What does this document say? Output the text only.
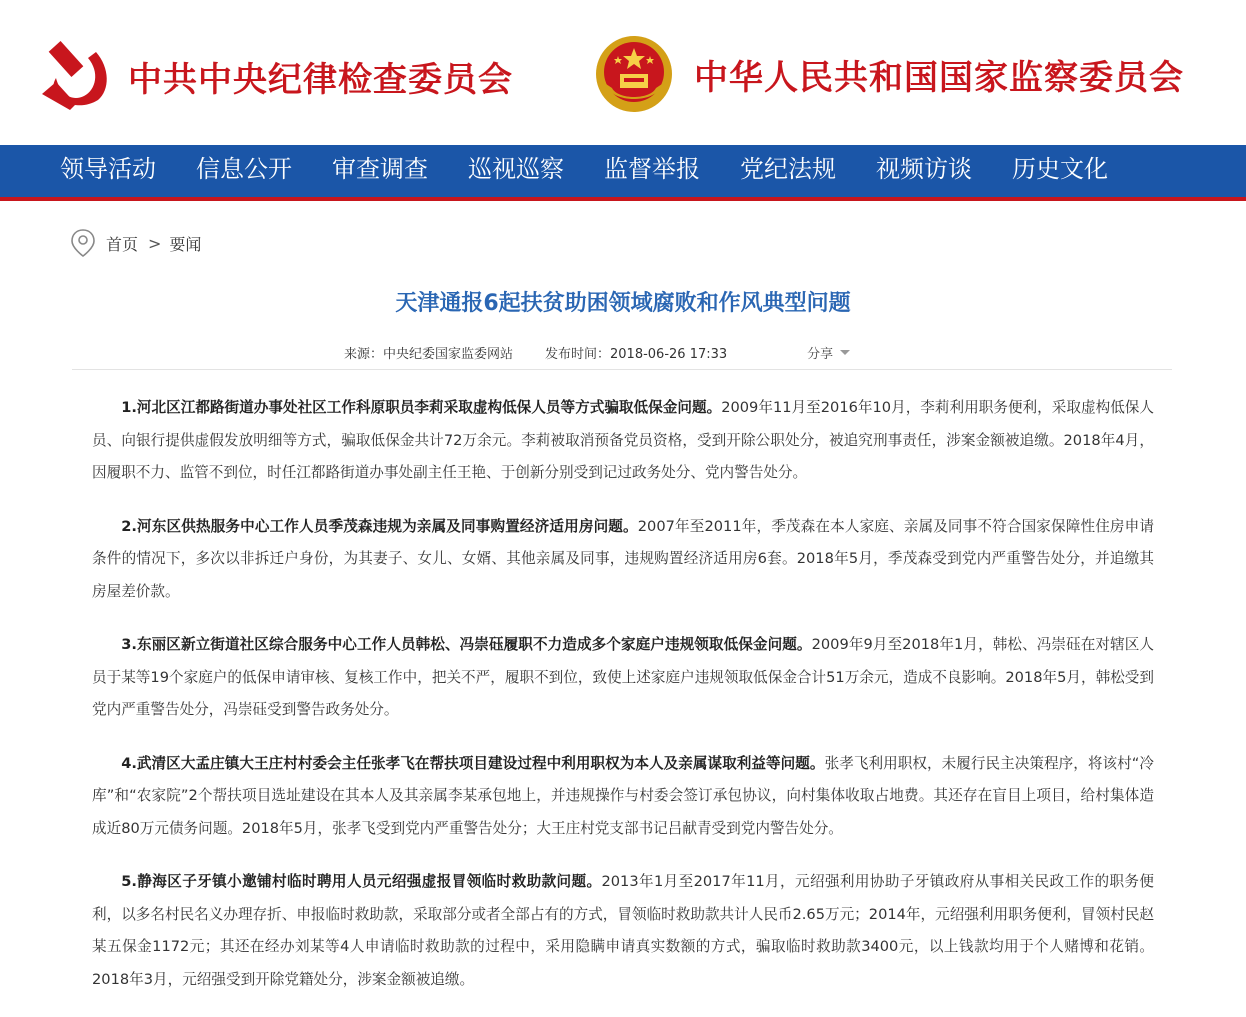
中共中央纪律检查委员会	中华人民共和国国家监察委员会
领导活动 信息公开 审查调查 巡视巡察 监督举报 党纪法规 视频访谈 历史文化
首页 > 要闻
天津通报6起扶贫助困领域腐败和作风典型问题
来源：中央纪委国家监委网站 发布时间：2018-06-26 17:33	分享

1.河北区江都路街道办事处社区工作科原职员李莉采取虚构低保人员等方式骗取低保金问题。2009年11月至2016年10月，李莉利用职务便利，采取虚构低保人员、向银行提供虚假发放明细等方式，骗取低保金共计72万余元。李莉被取消预备党员资格，受到开除公职处分，被追究刑事责任，涉案金额被追缴。2018年4月，因履职不力、监管不到位，时任江都路街道办事处副主任王艳、于创新分别受到记过政务处分、党内警告处分。

2.河东区供热服务中心工作人员季茂森违规为亲属及同事购置经济适用房问题。2007年至2011年，季茂森在本人家庭、亲属及同事不符合国家保障性住房申请条件的情况下，多次以非拆迁户身份，为其妻子、女儿、女婿、其他亲属及同事，违规购置经济适用房6套。2018年5月，季茂森受到党内严重警告处分，并追缴其房屋差价款。

3.东丽区新立街道社区综合服务中心工作人员韩松、冯崇砡履职不力造成多个家庭户违规领取低保金问题。2009年9月至2018年1月，韩松、冯崇砡在对辖区人员于某等19个家庭户的低保申请审核、复核工作中，把关不严，履职不到位，致使上述家庭户违规领取低保金合计51万余元，造成不良影响。2018年5月，韩松受到党内严重警告处分，冯崇砡受到警告政务处分。

4.武清区大孟庄镇大王庄村村委会主任张孝飞在帮扶项目建设过程中利用职权为本人及亲属谋取利益等问题。张孝飞利用职权，未履行民主决策程序，将该村“冷库”和“农家院”2个帮扶项目选址建设在其本人及其亲属李某承包地上，并违规操作与村委会签订承包协议，向村集体收取占地费。其还存在盲目上项目，给村集体造成近80万元债务问题。2018年5月，张孝飞受到党内严重警告处分；大王庄村党支部书记吕献青受到党内警告处分。

5.静海区子牙镇小邀铺村临时聘用人员元绍强虚报冒领临时救助款问题。2013年1月至2017年11月，元绍强利用协助子牙镇政府从事相关民政工作的职务便利，以多名村民名义办理存折、申报临时救助款，采取部分或者全部占有的方式，冒领临时救助款共计人民币2.65万元；2014年，元绍强利用职务便利，冒领村民赵某五保金1172元；其还在经办刘某等4人申请临时救助款的过程中，采用隐瞒申请真实数额的方式，骗取临时救助款3400元，以上钱款均用于个人赌博和花销。2018年3月，元绍强受到开除党籍处分，涉案金额被追缴。
